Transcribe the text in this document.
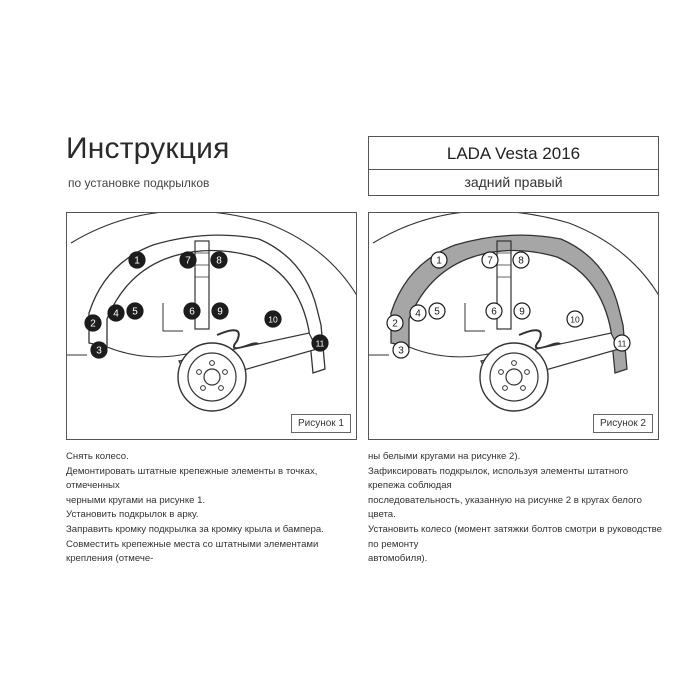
Инструкция
по установке подкрылков
LADA Vesta 2016
задний правый
1
2
3
4 5	6
7	8
9
10
11
Рисунок 1
1
2
3
4 5	6
7	8
9
10
11
Рисунок 2

Снять колесо.

Демонтировать штатные крепежные элементы в точках, отмеченных

черными кругами на рисунке 1.

Установить подкрылок в арку.

Заправить кромку подкрылка за кромку крыла и бампера.

Совместить крепежные места со штатными элементами крепления (отмече-

ны белыми кругами на рисунке 2).

Зафиксировать подкрылок, используя элементы штатного крепежа соблюдая

последовательность, указанную на рисунке 2 в кругах белого цвета.

Установить колесо (момент затяжки болтов смотри в руководстве по ремонту

автомобиля).
